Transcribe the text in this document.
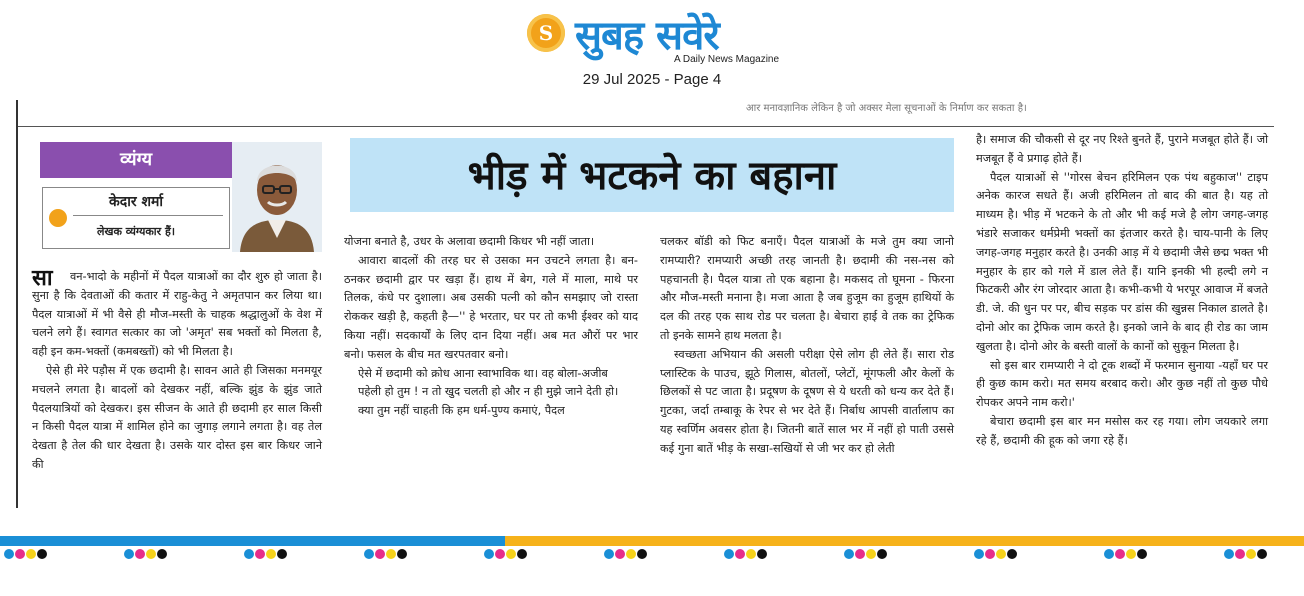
S सुबह सवेरे
A Daily News Magazine
29 Jul 2025 - Page 4
आर मनावज्ञानिक लेकिन है जो अक्सर मेला सूचनाओं के निर्माण कर सकता है।
व्यंग्य
केदार शर्मा
लेखक व्यंग्यकार हैं।
भीड़ में भटकने का बहाना
सा	वन-भादो के महीनों में पैदल यात्राओं का दौर शुरु हो जाता है। सुना है कि देवताओं की कतार में राहु-केतु ने अमृतपान कर लिया था। पैदल यात्राओं में भी वैसे ही मौज-मस्ती के चाहक श्रद्धालुओं के वेश में चलने लगे हैं। स्वागत सत्कार का जो 'अमृत' सब भक्तों को मिलता है, वही इन कम-भक्तों (कमबख्तों) को भी मिलता है।

ऐसे ही मेरे पड़ौस में एक छदामी है। सावन आते ही जिसका मनमयूर मचलने लगता है। बादलों को देखकर नहीं, बल्कि झुंड के झुंड जाते पैदलयात्रियों को देखकर। इस सीजन के आते ही छदामी हर साल किसी न किसी पैदल यात्रा में शामिल होने का जुगाड़ लगाने लगता है। वह तेल देखता है तेल की धार देखता है। उसके यार दोस्त इस बार किधर जाने की

योजना बनाते है, उधर के अलावा छदामी किधर भी नहीं जाता।

आवारा बादलों की तरह घर से उसका मन उचटने लगता है। बन-ठनकर छदामी द्वार पर खड़ा हैं। हाथ में बेग, गले में माला, माथे पर तिलक, कंधे पर दुशाला। अब उसकी पत्नी को कौन समझाए जो रास्ता रोककर खड़ी है, कहती है—'' हे भरतार, घर पर तो कभी ईश्वर को याद किया नहीं। सदकार्यों के लिए दान दिया नहीं। अब मत औरों पर भार बनो। फसल के बीच मत खरपतवार बनो।

ऐसे में छदामी को क्रोध आना स्वाभाविक था। वह बोला-अजीब

पहेली हो तुम ! न तो खुद चलती हो और न ही मुझे जाने देती हो।

क्या तुम नहीं चाहती कि हम धर्म-पुण्य कमाएं, पैदल

चलकर बॉडी को फिट बनाएँ। पैदल यात्राओं के मजे तुम क्या जानो रामप्यारी? रामप्यारी अच्छी तरह जानती है। छदामी की नस-नस को पहचानती है। पैदल यात्रा तो एक बहाना है। मकसद तो घूमना - फिरना और मौज-मस्ती मनाना है। मजा आता है जब हुजूम का हुजूम हाथियों के दल की तरह एक साथ रोड पर चलता है। बेचारा हाई वे तक का ट्रेफिक तो इनके सामने हाथ मलता है।

स्वच्छता अभियान की असली परीक्षा ऐसे लोग ही लेते हैं। सारा रोड प्लास्टिक के पाउच, झूठे गिलास, बोतलों, प्लेटों, मूंगफली और केलों के छिलकों से पट जाता है। प्रदूषण के दूषण से ये धरती को धन्य कर देते हैं। गुटका, जर्दा तम्बाकू के रेपर से भर देते हैं। निर्बाध आपसी वार्तालाप का यह स्वर्णिम अवसर होता है। जितनी बातें साल भर में नहीं हो पाती उससे कई गुना बातें भीड़ के सखा-सखियों से जी भर कर हो लेती

है। समाज की चौकसी से दूर नए रिश्ते बुनते हैं, पुराने मजबूत होते हैं। जो मजबूत हैं वे प्रगाढ़ होते हैं।

पैदल यात्राओं से ''गोरस बेचन हरिमिलन एक पंथ बहुकाज'' टाइप अनेक कारज सधते हैं। अजी हरिमिलन तो बाद की बात है। यह तो माध्यम है। भीड़ में भटकने के तो और भी कई मजे है लोग जगह-जगह भंडारे सजाकर धर्मप्रेमी भक्तों का इंतजार करते है। चाय-पानी के लिए जगह-जगह मनुहार करते है। उनकी आड़ में ये छदामी जैसे छद्म भक्त भी मनुहार के हार को गले में डाल लेते हैं। यानि इनकी भी हल्दी लगे न फिटकरी और रंग जोरदार आता है। कभी-कभी ये भरपूर आवाज में बजते डी. जे. की धुन पर पर, बीच सड़क पर डांस की खुन्नस निकाल डालते है। दोनो ओर का ट्रेफिक जाम करते है। इनको जाने के बाद ही रोड का जाम खुलता है। दोनो ओर के बस्ती वालों के कानों को सुकून मिलता है।

सो इस बार रामप्यारी ने दो टूक शब्दों में फरमान सुनाया -यहाँ घर पर ही कुछ काम करो। मत समय बरबाद करो। और कुछ नहीं तो कुछ पौधे रोपकर अपने नाम करो।'

बेचारा छदामी इस बार मन मसोस कर रह गया। लोग जयकारे लगा रहे हैं, छदामी की हूक को जगा रहे हैं।
